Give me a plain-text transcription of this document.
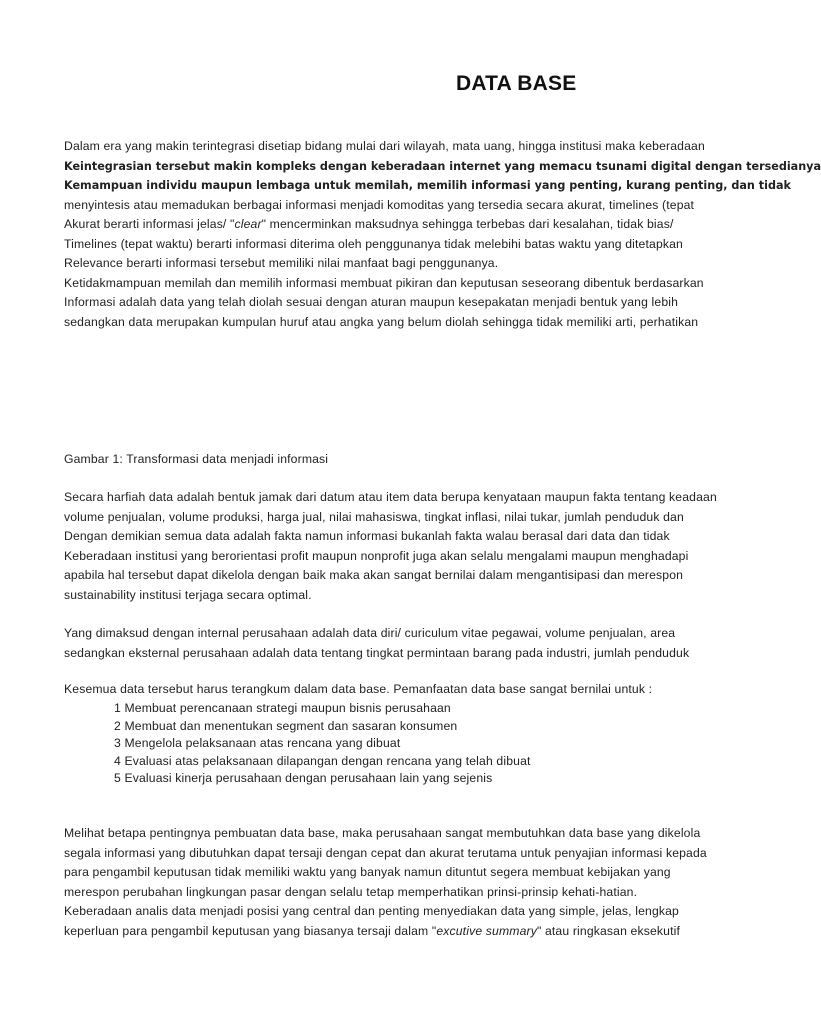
DATA BASE
Dalam era yang makin terintegrasi disetiap bidang mulai dari wilayah, mata uang, hingga institusi maka keberadaan
Keintegrasian tersebut makin kompleks dengan keberadaan internet yang memacu tsunami digital dengan tersedianya
Kemampuan individu maupun lembaga untuk memilah, memilih informasi yang penting, kurang penting, dan tidak
menyintesis atau memadukan berbagai informasi menjadi komoditas yang tersedia secara akurat, timelines (tepat
Akurat berarti informasi jelas/ "clear" mencerminkan maksudnya sehingga terbebas dari kesalahan, tidak bias/
Timelines (tepat waktu) berarti informasi diterima oleh penggunanya tidak melebihi batas waktu yang ditetapkan
Relevance berarti informasi tersebut memiliki nilai manfaat bagi penggunanya.
Ketidakmampuan memilah dan memilih informasi membuat pikiran dan keputusan seseorang dibentuk berdasarkan
Informasi adalah data yang telah diolah sesuai dengan aturan maupun kesepakatan menjadi bentuk yang lebih
sedangkan data merupakan kumpulan huruf atau angka yang belum diolah sehingga tidak memiliki arti, perhatikan
Gambar 1: Transformasi data menjadi informasi
Secara harfiah data adalah bentuk jamak dari datum atau item data berupa kenyataan maupun fakta tentang keadaan
volume penjualan, volume produksi, harga jual, nilai mahasiswa, tingkat inflasi, nilai tukar, jumlah penduduk dan
Dengan demikian semua data adalah fakta namun informasi bukanlah fakta walau berasal dari data dan tidak
Keberadaan institusi yang berorientasi profit maupun nonprofit juga akan selalu mengalami maupun menghadapi
apabila hal tersebut dapat dikelola dengan baik maka akan sangat bernilai dalam mengantisipasi dan merespon
sustainability institusi terjaga secara optimal.
Yang dimaksud dengan internal perusahaan adalah data diri/ curiculum vitae pegawai, volume penjualan, area
sedangkan eksternal perusahaan adalah data tentang tingkat permintaan barang pada industri, jumlah penduduk
Kesemua data tersebut harus terangkum dalam data base. Pemanfaatan data base sangat bernilai untuk :
1 Membuat perencanaan strategi maupun bisnis perusahaan
2 Membuat dan menentukan segment dan sasaran konsumen
3 Mengelola pelaksanaan atas rencana yang dibuat
4 Evaluasi atas pelaksanaan dilapangan dengan rencana yang telah dibuat
5 Evaluasi kinerja perusahaan dengan perusahaan lain yang sejenis
Melihat betapa pentingnya pembuatan data base, maka perusahaan sangat membutuhkan data base yang dikelola
segala informasi yang dibutuhkan dapat tersaji dengan cepat dan akurat terutama untuk penyajian informasi kepada
para pengambil keputusan tidak memiliki waktu yang banyak namun dituntut segera membuat kebijakan yang
merespon perubahan lingkungan pasar dengan selalu tetap memperhatikan prinsi-prinsip kehati-hatian.
Keberadaan analis data menjadi posisi yang central dan penting menyediakan data yang simple, jelas, lengkap
keperluan para pengambil keputusan yang biasanya tersaji dalam "excutive summary" atau ringkasan eksekutif
